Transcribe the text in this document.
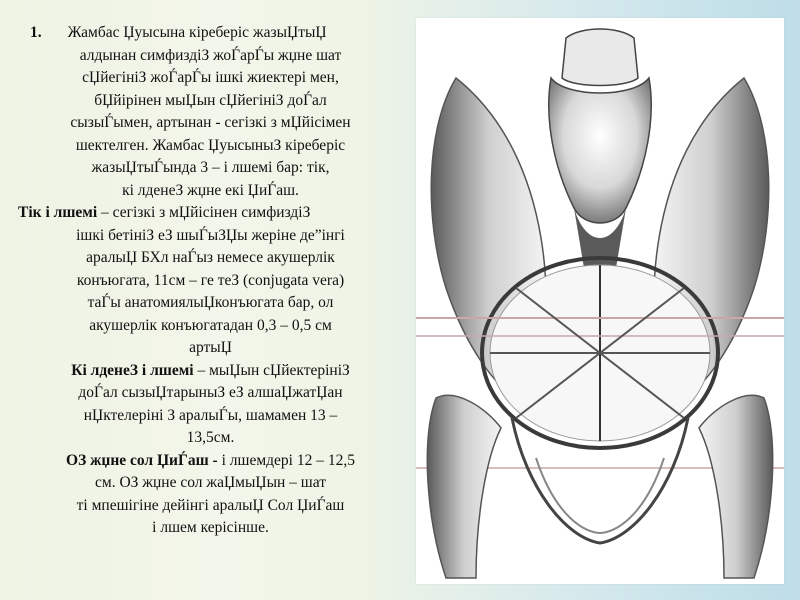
1. Жамбас Џуысына кіреберіс жазыЏтыЏ
алдынан симфиздіЗ жоЃарЃы жџне шат
сЏйегініЗ жоЃарЃы ішкі жиектері мен,
бЏйірінен мыЏын сЏйегініЗ доЃал
сызыЃымен, артынан - сегізкі з мЏйісімен
шектелген. Жамбас ЏуысыныЗ кіреберіс
жазыЏтыЃында 3 – і лшемі бар: тік,
кі лденеЗ жџне екі ЏиЃаш.

Тік і лшемі – сегізкі з мЏйісінен симфиздіЗ
ішкі бетініЗ еЗ шыЃыЗЏы жеріне де”інгі
аралыЏ БХл наЃыз немесе акушерлік
конъюгата, 11см – ге теЗ (conjugata vera)
таЃы анатомиялыЏконъюгата бар, ол
акушерлік конъюгатадан 0,3 – 0,5 см
артыЏ

Кі лденеЗ і лшемі – мыЏын сЏйектерініЗ
доЃал сызыЏтарыныЗ еЗ алшаЏжатЏан
нЏктелеріні З аралыЃы, шамамен 13 –
13,5см.

ОЗ жџне сол ЏиЃаш - і лшемдері 12 – 12,5
см. ОЗ жџне сол жаЏмыЏын – шат
ті мпешігіне дейінгі аралыЏ Сол ЏиЃаш
і лшем керісінше.
